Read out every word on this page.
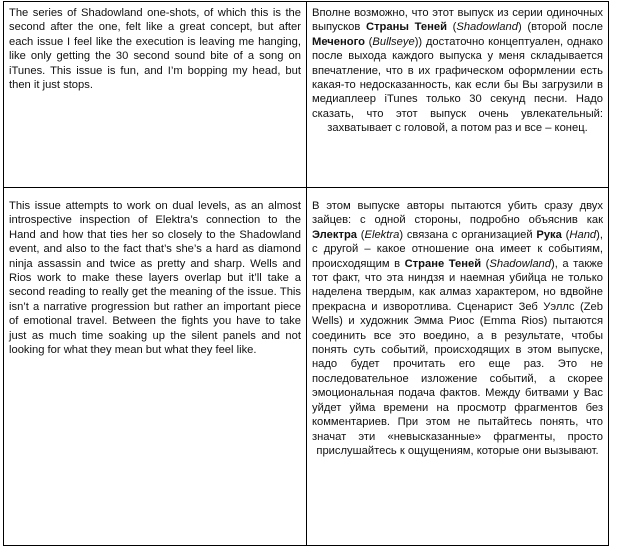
The series of Shadowland one-shots, of which this is the second after the one, felt like a great concept, but after each issue I feel like the execution is leaving me hanging, like only getting the 30 second sound bite of a song on iTunes. This issue is fun, and I’m bopping my head, but then it just stops.

Вполне возможно, что этот выпуск из серии одиночных выпусков Страны Теней (Shadowland) (второй после Меченого (Bullseye)) достаточно концептуален, однако после выхода каждого выпуска у меня складывается впечатление, что в их графическом оформлении есть какая-то недосказанность, как если бы Вы загрузили в медиаплеер iTunes только 30 секунд песни. Надо сказать, что этот выпуск очень увлекательный: захватывает с головой, а потом раз и все – конец.

This issue attempts to work on dual levels, as an almost introspective inspection of Elektra’s connection to the Hand and how that ties her so closely to the Shadowland event, and also to the fact that’s she’s a hard as diamond ninja assassin and twice as pretty and sharp. Wells and Rios work to make these layers overlap but it’ll take a second reading to really get the meaning of the issue. This isn’t a narrative progression but rather an important piece of emotional travel. Between the fights you have to take just as much time soaking up the silent panels and not looking for what they mean but what they feel like.

В этом выпуске авторы пытаются убить сразу двух зайцев: с одной стороны, подробно объяснив как Электра (Elektra) связана с организацией Рука (Hand), с другой – какое отношение она имеет к событиям, происходящим в Стране Теней (Shadowland), а также тот факт, что эта ниндзя и наемная убийца не только наделена твердым, как алмаз характером, но вдвойне прекрасна и изворотлива. Сценарист Зеб Уэллс (Zeb Wells) и художник Эмма Риос (Emma Rios) пытаются соединить все это воедино, а в результате, чтобы понять суть событий, происходящих в этом выпуске, надо будет прочитать его еще раз. Это не последовательное изложение событий, а скорее эмоциональная подача фактов. Между битвами у Вас уйдет уйма времени на просмотр фрагментов без комментариев. При этом не пытайтесь понять, что значат эти «невысказанные» фрагменты, просто прислушайтесь к ощущениям, которые они вызывают.
